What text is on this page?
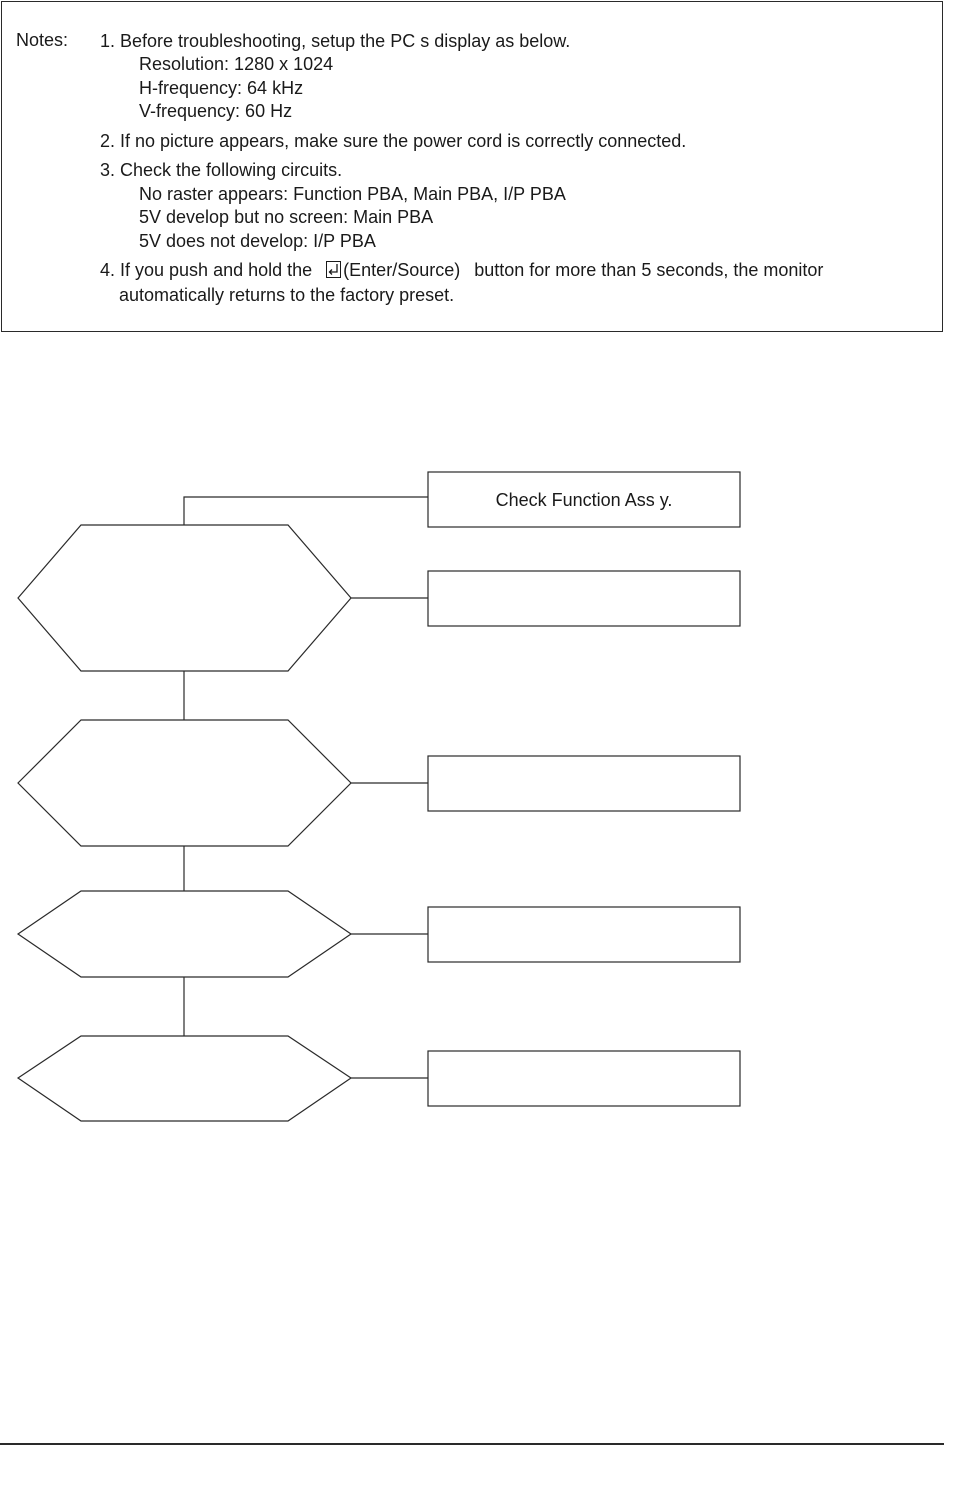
Notes: 1. Before troubleshooting, setup the PC s display as below.
Resolution: 1280 x 1024
H-frequency: 64 kHz
V-frequency: 60 Hz
2. If no picture appears, make sure the power cord is correctly connected.
3. Check the following circuits.
No raster appears: Function PBA, Main PBA, I/P PBA
5V develop but no screen: Main PBA
5V does not develop: I/P PBA
4. If you push and hold the (Enter/Source) button for more than 5 seconds, the monitor
automatically returns to the factory preset.
Check Function Ass y.
